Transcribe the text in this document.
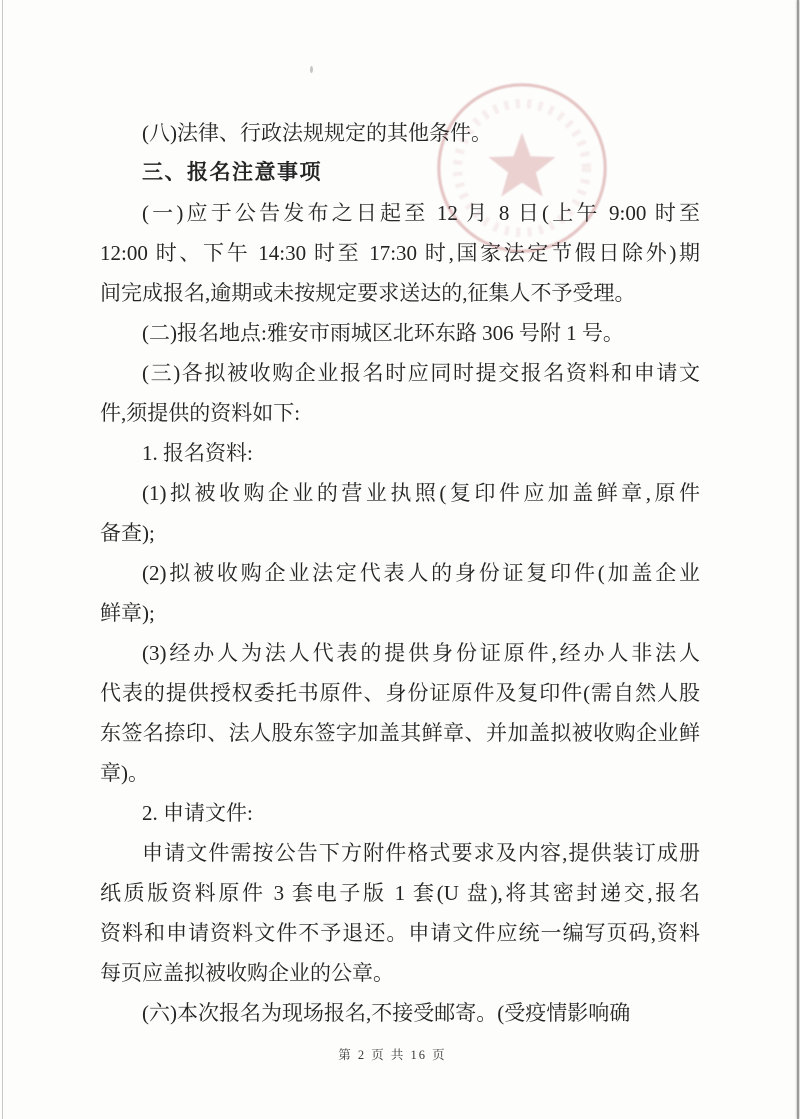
(八)法律、行政法规规定的其他条件。
三、报名注意事项
(一)应于公告发布之日起至 12 月 8 日(上午 9:00 时至
12:00 时、下午 14:30 时至 17:30 时,国家法定节假日除外)期
间完成报名,逾期或未按规定要求送达的,征集人不予受理。
(二)报名地点:雅安市雨城区北环东路 306 号附 1 号。
(三)各拟被收购企业报名时应同时提交报名资料和申请文
件,须提供的资料如下:
1. 报名资料:
(1)拟被收购企业的营业执照(复印件应加盖鲜章,原件
备查);
(2)拟被收购企业法定代表人的身份证复印件(加盖企业
鲜章);
(3)经办人为法人代表的提供身份证原件,经办人非法人
代表的提供授权委托书原件、身份证原件及复印件(需自然人股
东签名捺印、法人股东签字加盖其鲜章、并加盖拟被收购企业鲜
章)。
2. 申请文件:
申请文件需按公告下方附件格式要求及内容,提供装订成册
纸质版资料原件 3 套电子版 1 套(U 盘),将其密封递交,报名
资料和申请资料文件不予退还。申请文件应统一编写页码,资料
每页应盖拟被收购企业的公章。
(六)本次报名为现场报名,不接受邮寄。(受疫情影响确
第 2 页 共 16 页
